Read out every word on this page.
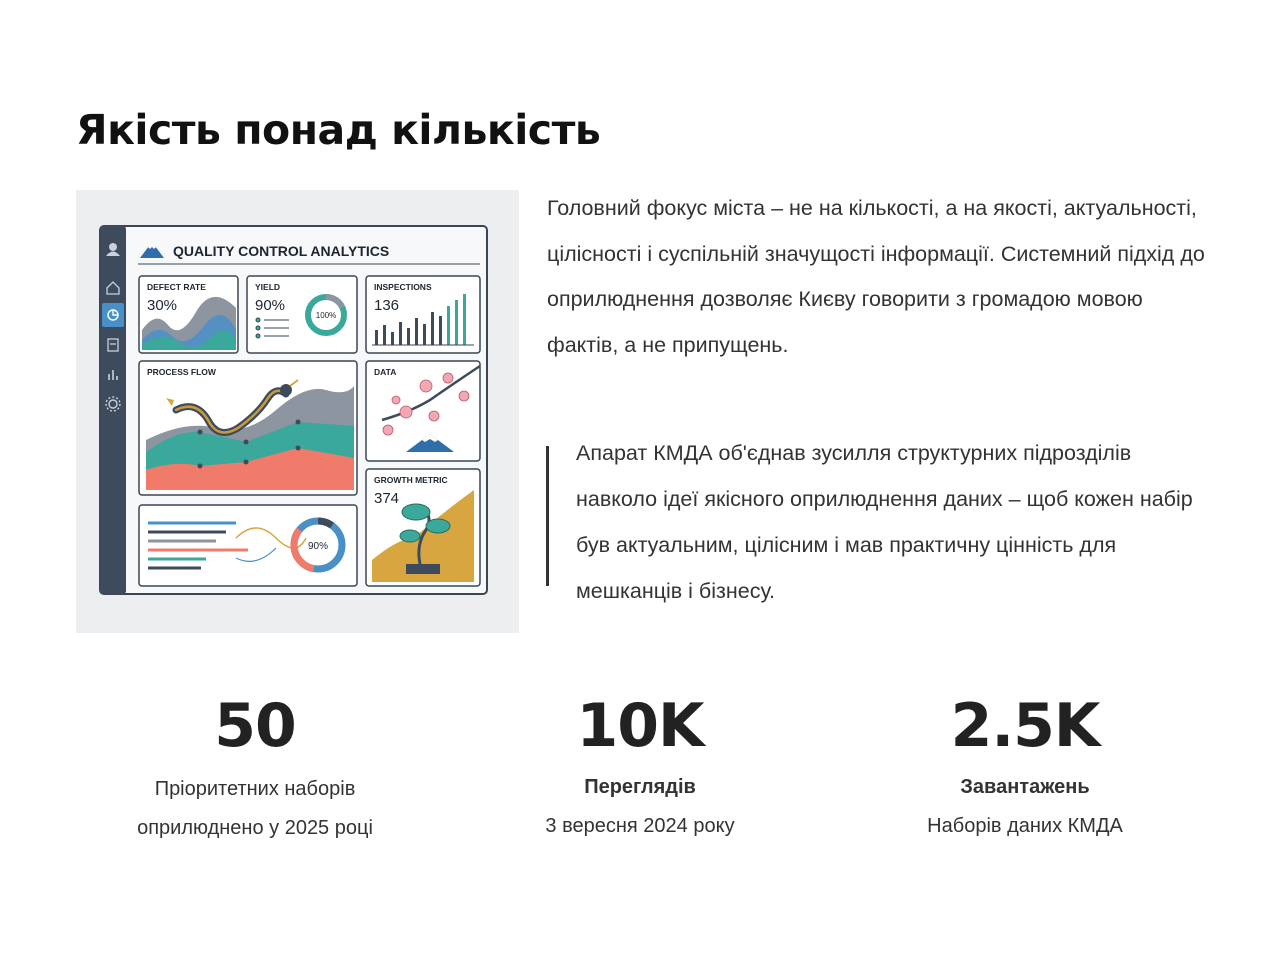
Якість понад кількість
QUALITY CONTROL ANALYTICS
DEFECT RATE
30%
YIELD
90%
100%
INSPECTIONS
136
PROCESS FLOW	DATA
GROWTH METRIC
374
90%

Головний фокус міста – не на кількості, а на якості, актуальності, цілісності і суспільній значущості інформації. Системний підхід до оприлюднення дозволяє Києву говорити з громадою мовою фактів, а не припущень.

Апарат КМДА об'єднав зусилля структурних підрозділів навколо ідеї якісного оприлюднення даних – щоб кожен набір був актуальним, цілісним і мав практичну цінність для мешканців і бізнесу.

50
Пріоритетних наборів
оприлюднено у 2025 році
10K
Переглядів
3 вересня 2024 року
2.5K
Завантажень
Наборів даних КМДА
